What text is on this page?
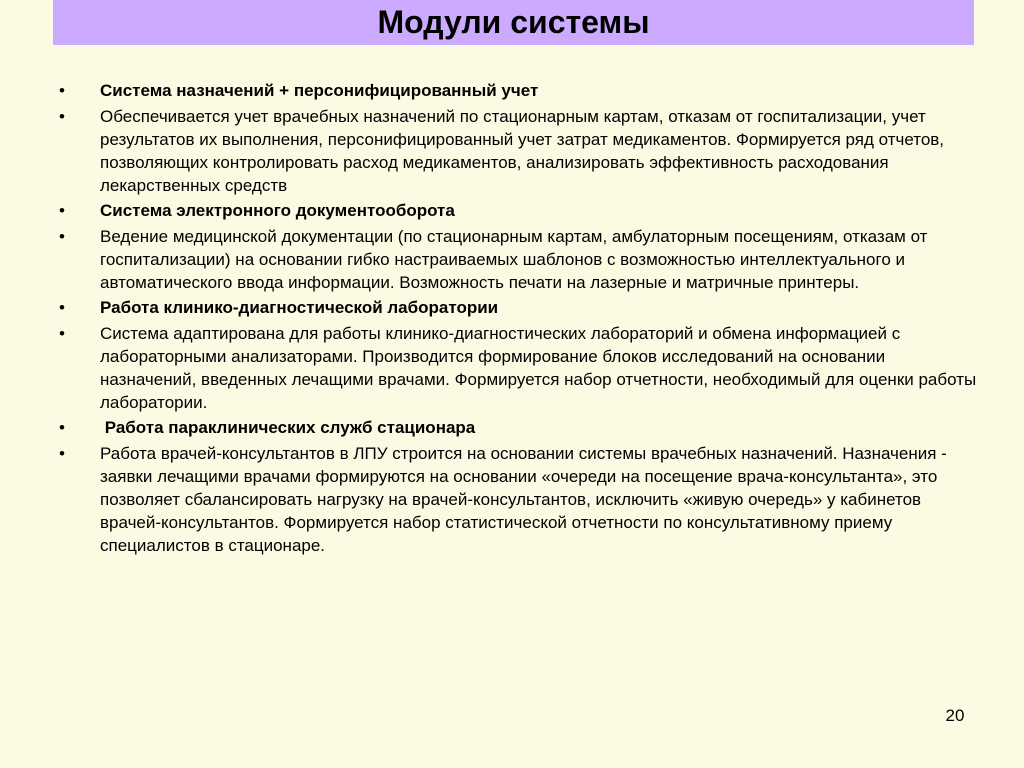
Модули системы
• Система назначений + персонифицированный учет
• Обеспечивается учет врачебных назначений по стационарным картам, отказам от госпитализации, учет результатов их выполнения, персонифицированный учет затрат медикаментов. Формируется ряд отчетов, позволяющих контролировать расход медикаментов, анализировать эффективность расходования лекарственных средств
• Система электронного документооборота
• Ведение медицинской документации (по стационарным картам, амбулаторным посещениям, отказам от госпитализации) на основании гибко настраиваемых шаблонов с возможностью интеллектуального и автоматического ввода информации. Возможность печати на лазерные и матричные принтеры.
• Работа клинико-диагностической лаборатории
• Система адаптирована для работы клинико-диагностических лабораторий и обмена информацией с лабораторными анализаторами. Производится формирование блоков исследований на основании назначений, введенных лечащими врачами. Формируется набор отчетности, необходимый для оценки работы лаборатории.
• Работа параклинических служб стационара
• Работа врачей-консультантов в ЛПУ строится на основании системы врачебных назначений. Назначения - заявки лечащими врачами формируются на основании «очереди на посещение врача-консультанта», это позволяет сбалансировать нагрузку на врачей-консультантов, исключить «живую очередь» у кабинетов врачей-консультантов. Формируется набор статистической отчетности по консультативному приему специалистов в стационаре.
20
